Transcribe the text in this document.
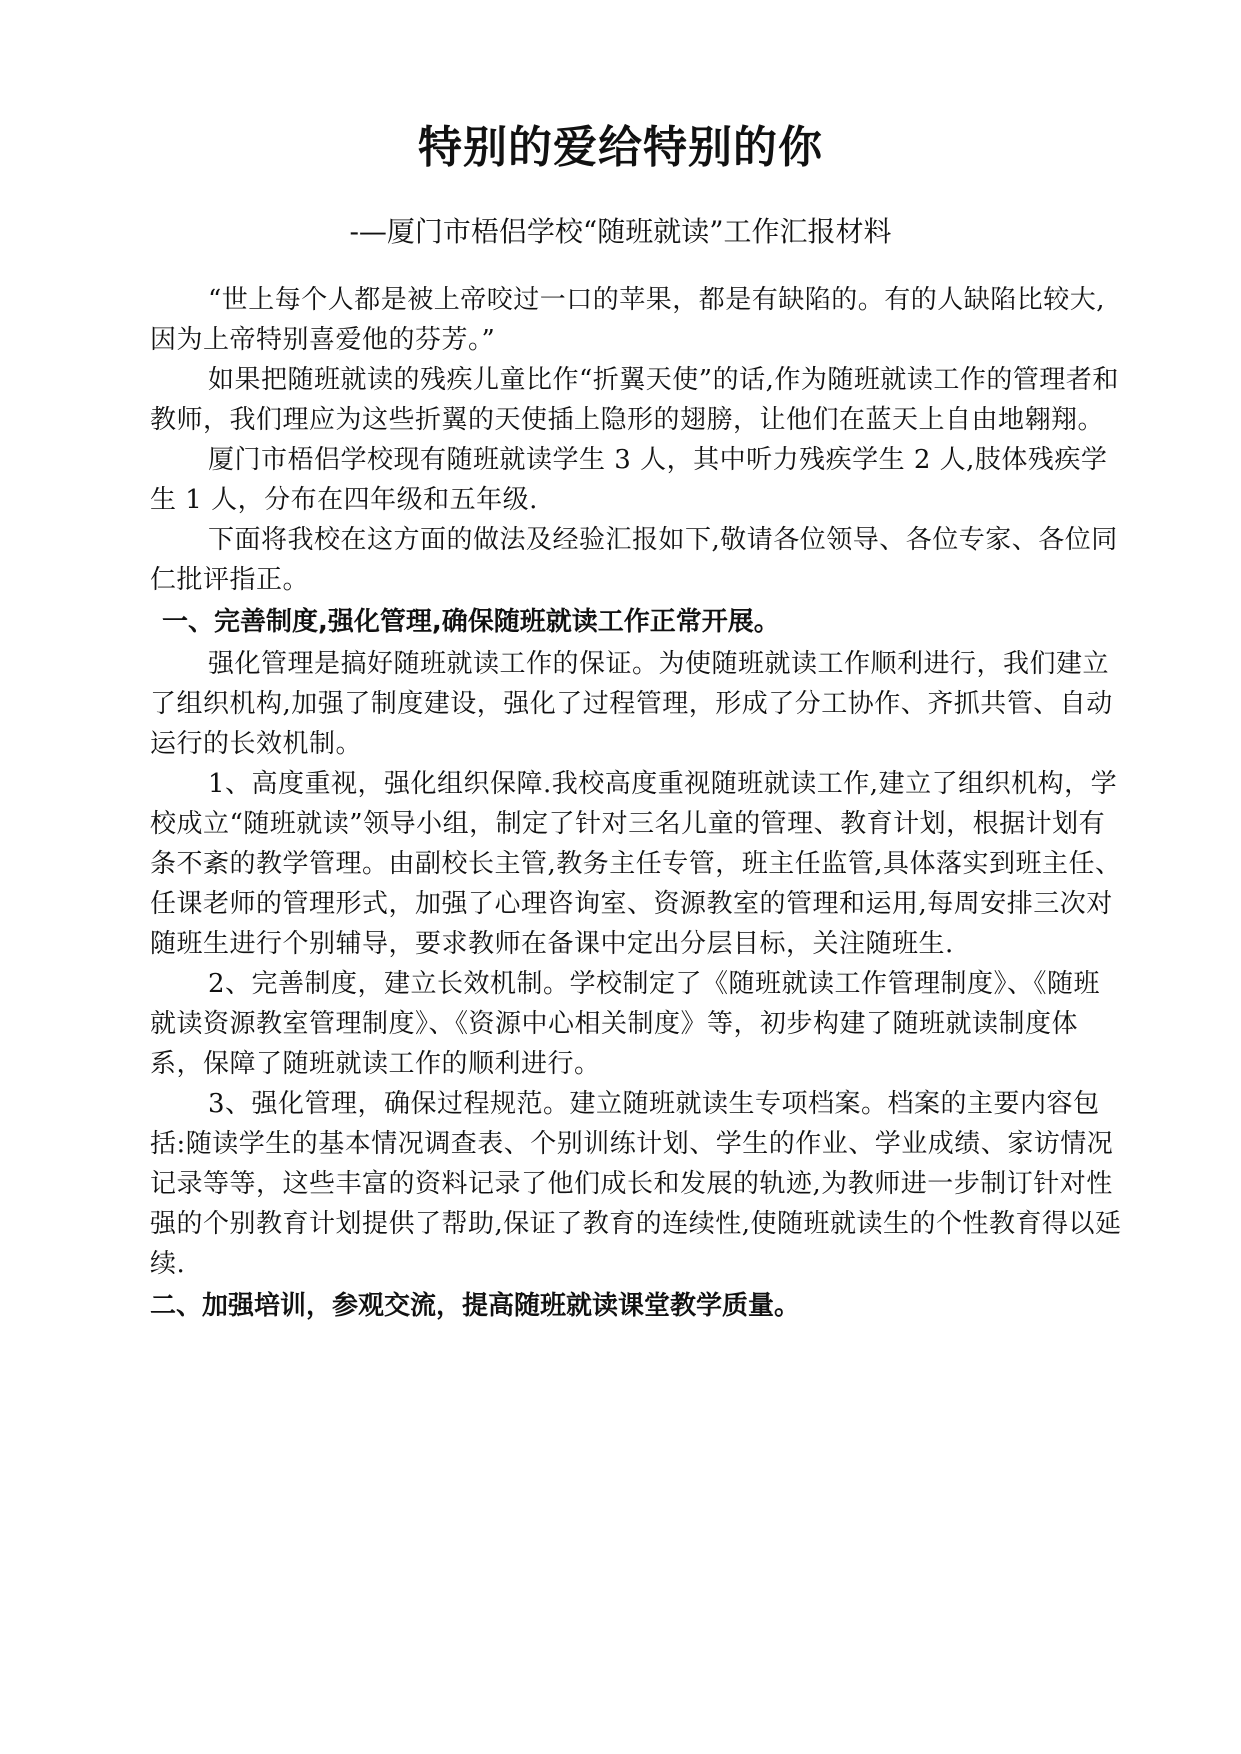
特别的爱给特别的你

-—厦门市梧侣学校“随班就读”工作汇报材料

“世上每个人都是被上帝咬过一口的苹果，都是有缺陷的。有的人缺陷比较大,因为上帝特别喜爱他的芬芳。”

如果把随班就读的残疾儿童比作“折翼天使”的话,作为随班就读工作的管理者和教师，我们理应为这些折翼的天使插上隐形的翅膀，让他们在蓝天上自由地翱翔。

厦门市梧侣学校现有随班就读学生 3 人，其中听力残疾学生 2 人,肢体残疾学生 1 人，分布在四年级和五年级.

下面将我校在这方面的做法及经验汇报如下,敬请各位领导、各位专家、各位同仁批评指正。

一、完善制度,强化管理,确保随班就读工作正常开展。

强化管理是搞好随班就读工作的保证。为使随班就读工作顺利进行，我们建立了组织机构,加强了制度建设，强化了过程管理，形成了分工协作、齐抓共管、自动运行的长效机制。

1、高度重视，强化组织保障.我校高度重视随班就读工作,建立了组织机构，学校成立“随班就读”领导小组，制定了针对三名儿童的管理、教育计划，根据计划有条不紊的教学管理。由副校长主管,教务主任专管，班主任监管,具体落实到班主任、任课老师的管理形式，加强了心理咨询室、资源教室的管理和运用,每周安排三次对随班生进行个别辅导，要求教师在备课中定出分层目标，关注随班生.

2、完善制度，建立长效机制。学校制定了《随班就读工作管理制度》、《随班就读资源教室管理制度》、《资源中心相关制度》等，初步构建了随班就读制度体系，保障了随班就读工作的顺利进行。

3、强化管理，确保过程规范。建立随班就读生专项档案。档案的主要内容包括:随读学生的基本情况调查表、个别训练计划、学生的作业、学业成绩、家访情况记录等等，这些丰富的资料记录了他们成长和发展的轨迹,为教师进一步制订针对性强的个别教育计划提供了帮助,保证了教育的连续性,使随班就读生的个性教育得以延续.

二、加强培训，参观交流，提高随班就读课堂教学质量。
